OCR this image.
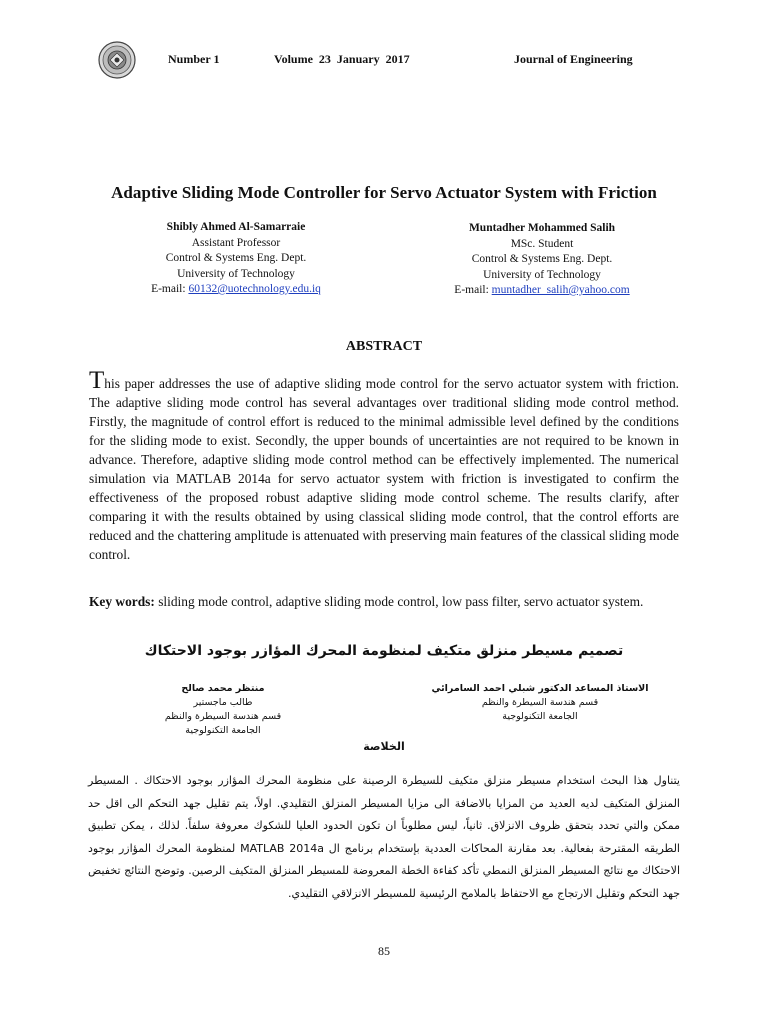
Number 1	Volume  23  January  2017	Journal of Engineering
Adaptive Sliding Mode Controller for Servo Actuator System with Friction
Shibly Ahmed Al-Samarraie
Assistant Professor
Control & Systems Eng. Dept.
University of Technology
E-mail: 60132@uotechnology.edu.iq
Muntadher Mohammed Salih
MSc. Student
Control & Systems Eng. Dept.
University of Technology
E-mail: muntadher_salih@yahoo.com
ABSTRACT
This paper addresses the use of adaptive sliding mode control for the servo actuator system with friction. The adaptive sliding mode control has several advantages over traditional sliding mode control method. Firstly, the magnitude of control effort is reduced to the minimal admissible level defined by the conditions for the sliding mode to exist. Secondly, the upper bounds of uncertainties are not required to be known in advance. Therefore, adaptive sliding mode control method can be effectively implemented. The numerical simulation via MATLAB 2014a for servo actuator system with friction is investigated to confirm the effectiveness of the proposed robust adaptive sliding mode control scheme. The results clarify, after comparing it with the results obtained by using classical sliding mode control, that the control efforts are reduced and the chattering amplitude is attenuated with preserving main features of the classical sliding mode control.
Key words: sliding mode control, adaptive sliding mode control, low pass filter, servo actuator system.
تصميم مسيطر منزلق متكيف لمنظومة المحرك المؤازر بوجود الاحتكاك
الاستاذ المساعد الدكتور شبلي احمد السامرائي
قسم هندسة السيطرة والنظم
الجامعة التكنولوجية
منتظر محمد صالح
طالب ماجستير
قسم هندسة السيطرة والنظم
الجامعة التكنولوجية
الخلاصة
يتناول هذا البحث استخدام مسيطر منزلق متكيف للسيطرة الرصينة على منظومة المحرك المؤازر بوجود الاحتكاك . المسيطر المنزلق المتكيف لديه العديد من المزايا بالاضافة الى مزايا المسيطر المنزلق التقليدي. اولاً، يتم تقليل جهد التحكم الى اقل حد ممكن والتي تحدد بتحقق ظروف الانزلاق. ثانياً، ليس مطلوباً ان تكون الحدود العليا للشكوك معروفة سلفاً. لذلك ، يمكن تطبيق الطريقه المقترحة بفعالية. بعد مقارنة المحاكات العددية بإستخدام برنامج ال MATLAB 2014a لمنظومة المحرك المؤازر بوجود الاحتكاك مع نتائج المسيطر المنزلق النمطي تأكد كفاءة الخطة المعروضة للمسيطر المنزلق المتكيف الرصين. وتوضح النتائج تخفيض جهد التحكم وتقليل الارتجاج مع الاحتفاظ بالملامح الرئيسية للمسيطر الانزلاقي التقليدي.
85
